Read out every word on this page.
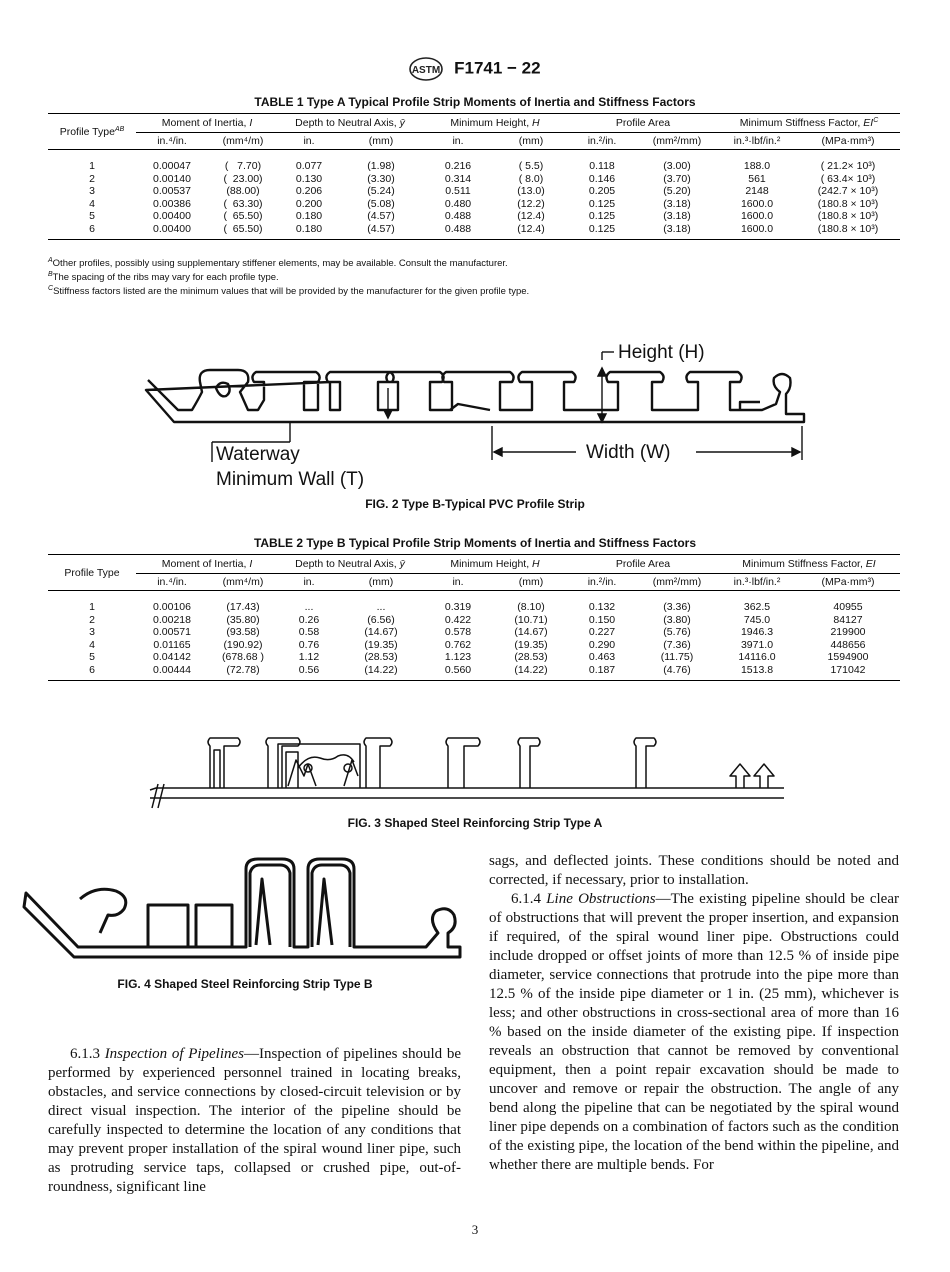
ASTM F1741 − 22
TABLE 1 Type A Typical Profile Strip Moments of Inertia and Stiffness Factors
Profile Type$^{AB}$	Moment of Inertia, I		Depth to Neutral Axis, ȳ		Minimum Height, H		Profile Area		Minimum Stiffness Factor, $EI^C$
	in.⁴/in.	(mm⁴/m)	in.	(mm)	in.	(mm)	in.²/in.	(mm²/mm)	in.³·lbf/in.²	(MPa·mm³)

1	0.00047	(   7.70)	0.077	(1.98)	0.216	( 5.5)	0.118	(3.00)	188.0	( 21.2× 10³)
2	0.00140	(  23.00)	0.130	(3.30)	0.314	( 8.0)	0.146	(3.70)	561	( 63.4× 10³)
3	0.00537	(88.00)	0.206	(5.24)	0.511	(13.0)	0.205	(5.20)	2148	(242.7 × 10³)
4	0.00386	(  63.30)	0.200	(5.08)	0.480	(12.2)	0.125	(3.18)	1600.0	(180.8 × 10³)
5	0.00400	(  65.50)	0.180	(4.57)	0.488	(12.4)	0.125	(3.18)	1600.0	(180.8 × 10³)
6	0.00400	(  65.50)	0.180	(4.57)	0.488	(12.4)	0.125	(3.18)	1600.0	(180.8 × 10³)
$^A$Other profiles, possibly using supplementary stiffener elements, may be available. Consult the manufacturer.
$^B$The spacing of the ribs may vary for each profile type.
$^C$Stiffness factors listed are the minimum values that will be provided by the manufacturer for the given profile type.
Height (H)
Waterway
Minimum Wall (T)
Width (W)
FIG. 2 Type B-Typical PVC Profile Strip
TABLE 2 Type B Typical Profile Strip Moments of Inertia and Stiffness Factors
Profile Type	Moment of Inertia, I		Depth to Neutral Axis, ȳ		Minimum Height, H		Profile Area		Minimum Stiffness Factor, EI	
	in.⁴/in.	(mm⁴/m)	in.	(mm)	in.	(mm)	in.²/in.	(mm²/mm)	in.³·lbf/in.²	(MPa·mm³)

1	0.00106	(17.43)	...	...	0.319	(8.10)	0.132	(3.36)	362.5	40955
2	0.00218	(35.80)	0.26	(6.56)	0.422	(10.71)	0.150	(3.80)	745.0	84127
3	0.00571	(93.58)	0.58	(14.67)	0.578	(14.67)	0.227	(5.76)	1946.3	219900
4	0.01165	(190.92)	0.76	(19.35)	0.762	(19.35)	0.290	(7.36)	3971.0	448656
5	0.04142	(678.68 )	1.12	(28.53)	1.123	(28.53)	0.463	(11.75)	14116.0	1594900
6	0.00444	(72.78)	0.56	(14.22)	0.560	(14.22)	0.187	(4.76)	1513.8	171042
FIG. 3 Shaped Steel Reinforcing Strip Type A
FIG. 4 Shaped Steel Reinforcing Strip Type B

6.1.3 Inspection of Pipelines—Inspection of pipelines should be performed by experienced personnel trained in locating breaks, obstacles, and service connections by closed-circuit television or by direct visual inspection. The interior of the pipeline should be carefully inspected to determine the location of any conditions that may prevent proper installation of the spiral wound liner pipe, such as protruding service taps, collapsed or crushed pipe, out-of-roundness, significant line

sags, and deflected joints. These conditions should be noted and corrected, if necessary, prior to installation.

6.1.4 Line Obstructions—The existing pipeline should be clear of obstructions that will prevent the proper insertion, and expansion if required, of the spiral wound liner pipe. Obstructions could include dropped or offset joints of more than 12.5 % of inside pipe diameter, service connections that protrude into the pipe more than 12.5 % of the inside pipe diameter or 1 in. (25 mm), whichever is less; and other obstructions in cross-sectional area of more than 16 % based on the inside diameter of the existing pipe. If inspection reveals an obstruction that cannot be removed by conventional equipment, then a point repair excavation should be made to uncover and remove or repair the obstruction. The angle of any bend along the pipeline that can be negotiated by the spiral wound liner pipe depends on a combination of factors such as the condition of the existing pipe, the location of the bend within the pipeline, and whether there are multiple bends. For

3
